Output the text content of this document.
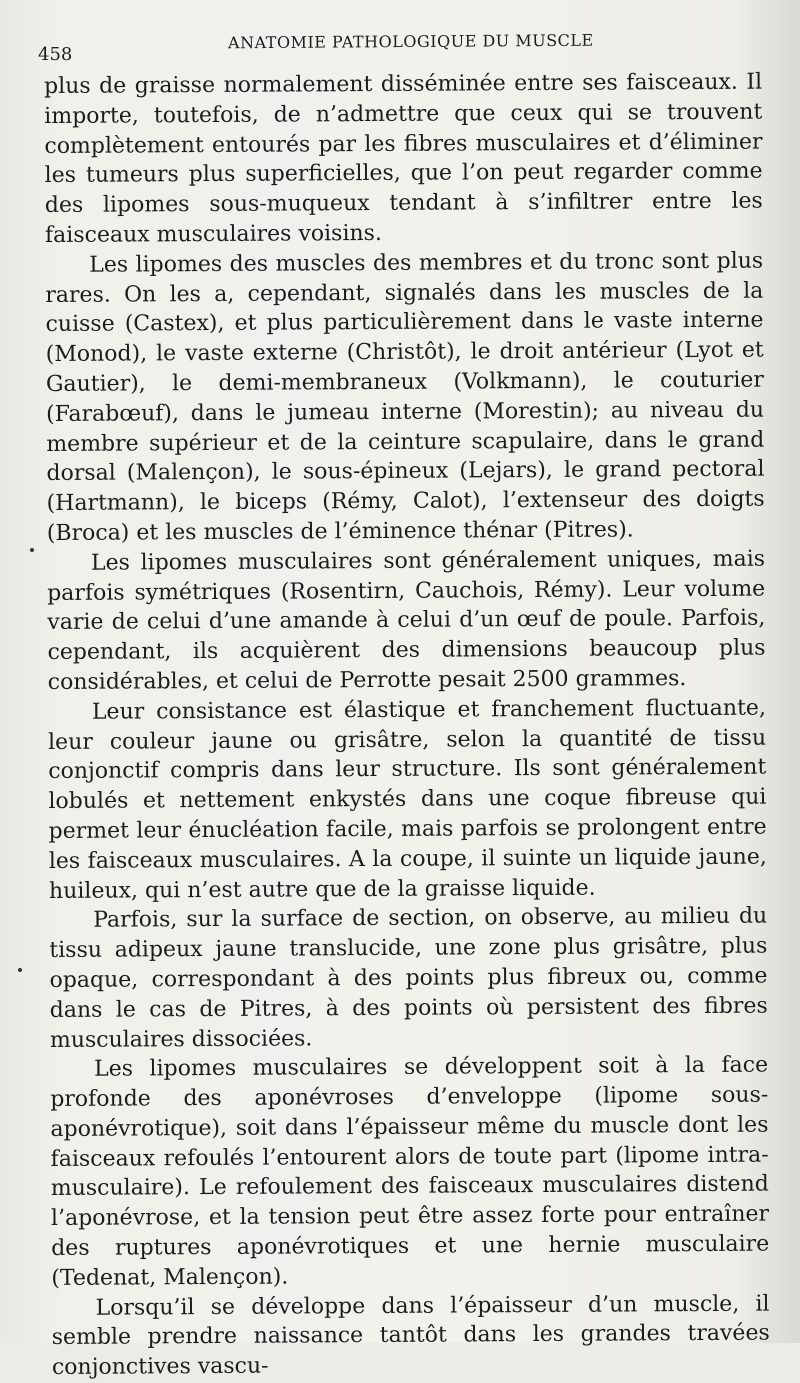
458
ANATOMIE PATHOLOGIQUE DU MUSCLE

plus de graisse normalement disséminée entre ses faisceaux. Il importe, toutefois, de n’admettre que ceux qui se trouvent complètement entourés par les fibres musculaires et d’éliminer les tumeurs plus superficielles, que l’on peut regarder comme des lipomes sous-muqueux tendant à s’infiltrer entre les faisceaux musculaires voisins.

Les lipomes des muscles des membres et du tronc sont plus rares. On les a, cependant, signalés dans les muscles de la cuisse (Castex), et plus particulièrement dans le vaste interne (Monod), le vaste externe (Christôt), le droit antérieur (Lyot et Gautier), le demi-membraneux (Volkmann), le couturier (Farabœuf), dans le jumeau interne (Morestin); au niveau du membre supérieur et de la ceinture scapulaire, dans le grand dorsal (Malençon), le sous-épineux (Lejars), le grand pectoral (Hartmann), le biceps (Rémy, Calot), l’extenseur des doigts (Broca) et les muscles de l’éminence thénar (Pitres).

Les lipomes musculaires sont généralement uniques, mais parfois symétriques (Rosentirn, Cauchois, Rémy). Leur volume varie de celui d’une amande à celui d’un œuf de poule. Parfois, cependant, ils acquièrent des dimensions beaucoup plus considérables, et celui de Perrotte pesait 2500 grammes.

Leur consistance est élastique et franchement fluctuante, leur couleur jaune ou grisâtre, selon la quantité de tissu conjonctif compris dans leur structure. Ils sont généralement lobulés et nettement enkystés dans une coque fibreuse qui permet leur énucléation facile, mais parfois se prolongent entre les faisceaux musculaires. A la coupe, il suinte un liquide jaune, huileux, qui n’est autre que de la graisse liquide.

Parfois, sur la surface de section, on observe, au milieu du tissu adipeux jaune translucide, une zone plus grisâtre, plus opaque, correspondant à des points plus fibreux ou, comme dans le cas de Pitres, à des points où persistent des fibres musculaires dissociées.

Les lipomes musculaires se développent soit à la face profonde des aponévroses d’enveloppe (lipome sous-aponévrotique), soit dans l’épaisseur même du muscle dont les faisceaux refoulés l’entourent alors de toute part (lipome intra-musculaire). Le refoulement des faisceaux musculaires distend l’aponévrose, et la tension peut être assez forte pour entraîner des ruptures aponévrotiques et une hernie musculaire (Tedenat, Malençon).

Lorsqu’il se développe dans l’épaisseur d’un muscle, il semble prendre naissance tantôt dans les grandes travées conjonctives vascu-
